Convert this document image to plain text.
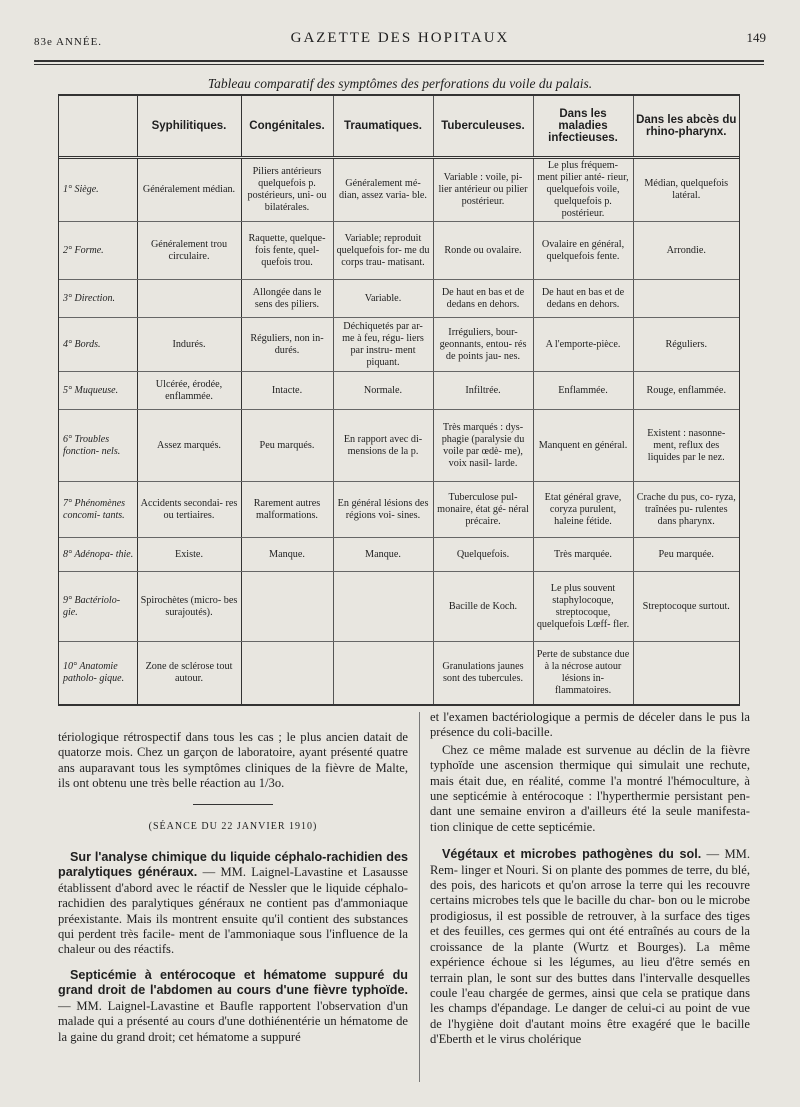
83e ANNÉE.	GAZETTE DES HOPITAUX	149
Tableau comparatif des symptômes des perforations du voile du palais.
	Syphilitiques.	Congénitales.	Traumatiques.	Tuberculeuses.	Dans les maladies infectieuses.	Dans les abcès du rhino-pharynx.
1° Siège.	Généralement médian.	Piliers antérieurs quelquefois p. postérieurs, uni- ou bilatérales.	Généralement mé- dian, assez varia- ble.	Variable : voile, pi- lier antérieur ou pilier postérieur.	Le plus fréquem- ment pilier anté- rieur, quelquefois voile, quelquefois p. postérieur.	Médian, quelquefois latéral.
2° Forme.	Généralement trou circulaire.	Raquette, quelque- fois fente, quel- quefois trou.	Variable; reproduit quelquefois for- me du corps trau- matisant.	Ronde ou ovalaire.	Ovalaire en général, quelquefois fente.	Arrondie.
3° Direction.		Allongée dans le sens des piliers.	Variable.	De haut en bas et de dedans en dehors.	De haut en bas et de dedans en dehors.	
4° Bords.	Indurés.	Réguliers, non in- durés.	Déchiquetés par ar- me à feu, régu- liers par instru- ment piquant.	Irréguliers, bour- geonnants, entou- rés de points jau- nes.	A l'emporte-pièce.	Réguliers.
5° Muqueuse.	Ulcérée, érodée, enflammée.	Intacte.	Normale.	Infiltrée.	Enflammée.	Rouge, enflammée.
6° Troubles fonction- nels.	Assez marqués.	Peu marqués.	En rapport avec di- mensions de la p.	Très marqués : dys- phagie (paralysie du voile par œdè- me), voix nasil- larde.	Manquent en général.	Existent : nasonne- ment, reflux des liquides par le nez.
7° Phénomènes concomi- tants.	Accidents secondai- res ou tertiaires.	Rarement autres malformations.	En général lésions des régions voi- sines.	Tuberculose pul- monaire, état gé- néral précaire.	Etat général grave, coryza purulent, haleine fétide.	Crache du pus, co- ryza, traînées pu- rulentes dans pharynx.
8° Adénopa- thie.	Existe.	Manque.	Manque.	Quelquefois.	Très marquée.	Peu marquée.
9° Bactériolo- gie.	Spirochètes (micro- bes surajoutés).			Bacille de Koch.	Le plus souvent staphylocoque, streptocoque, quelquefois Lœff- fler.	Streptocoque surtout.
10° Anatomie patholo- gique.	Zone de sclérose tout autour.			Granulations jaunes sont des tubercules.	Perte de substance due à la nécrose autour lésions in- flammatoires.	

tériologique rétrospectif dans tous les cas ; le plus ancien datait de quatorze mois. Chez un garçon de laboratoire, ayant présenté quatre ans auparavant tous les symptômes cliniques de la fièvre de Malte, ils ont obtenu une très belle réaction au 1/3o.

(SÉANCE DU 22 JANVIER 1910)

Sur l'analyse chimique du liquide céphalo-rachidien des paralytiques généraux. — MM. Laignel-Lavastine et Lasausse établissent d'abord avec le réactif de Nessler que le liquide céphalo-rachidien des paralytiques généraux ne contient pas d'ammoniaque préexistante. Mais ils montrent ensuite qu'il contient des substances qui perdent très facile- ment de l'ammoniaque sous l'influence de la chaleur ou des réactifs.

Septicémie à entérocoque et hématome suppuré du grand droit de l'abdomen au cours d'une fièvre typhoïde. — MM. Laignel-Lavastine et Baufle rapportent l'observation d'un malade qui a présenté au cours d'une dothiénentérie un hématome de la gaine du grand droit; cet hématome a suppuré

et l'examen bactériologique a permis de déceler dans le pus la présence du coli-bacille.

Chez ce même malade est survenue au déclin de la fièvre typhoïde une ascension thermique qui simulait une rechute, mais était due, en réalité, comme l'a montré l'hémoculture, à une septicémie à entérocoque : l'hyperthermie persistant pen- dant une semaine environ a d'ailleurs été la seule manifesta- tion clinique de cette septicémie.

Végétaux et microbes pathogènes du sol. — MM. Rem- linger et Nouri. Si on plante des pommes de terre, du blé, des pois, des haricots et qu'on arrose la terre qui les recouvre certains microbes tels que le bacille du char- bon ou le microbe prodigiosus, il est possible de retrouver, à la surface des tiges et des feuilles, ces germes qui ont été entraînés au cours de la croissance de la plante (Wurtz et Bourges). La même expérience échoue si les légumes, au lieu d'être semés en terrain plan, le sont sur des buttes dans l'intervalle desquelles coule l'eau chargée de germes, ainsi que cela se pratique dans les champs d'épandage. Le danger de celui-ci au point de vue de l'hygiène doit d'autant moins être exagéré que le bacille d'Eberth et le virus cholérique
